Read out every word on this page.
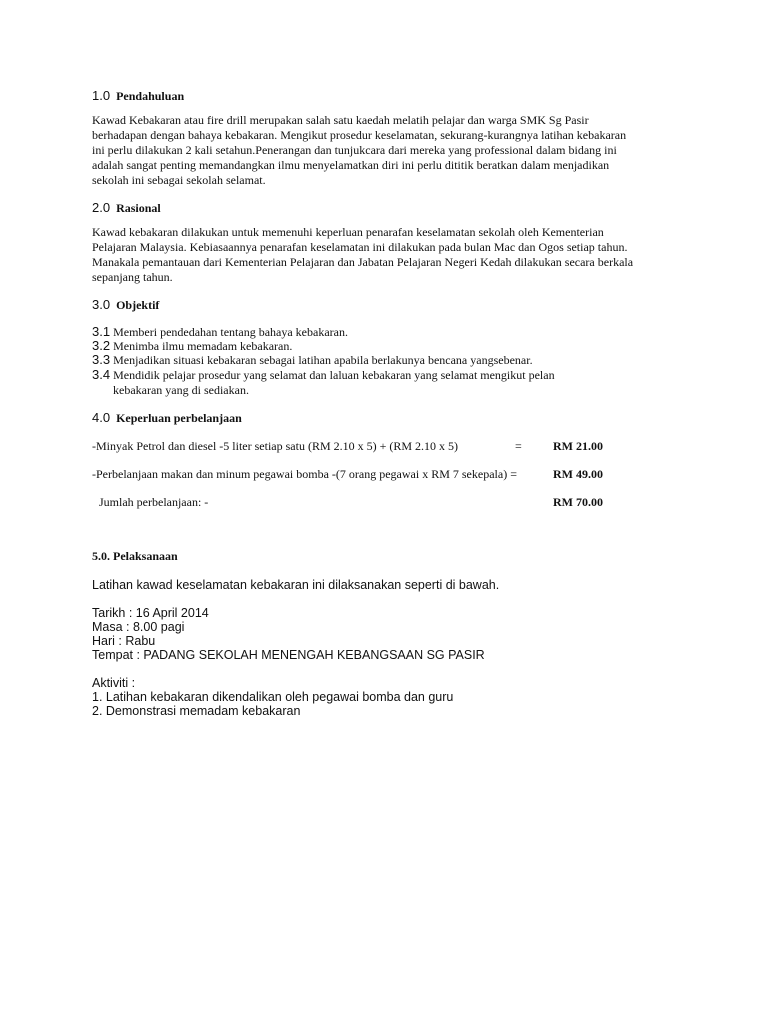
1.0 Pendahuluan
Kawad Kebakaran atau fire drill merupakan salah satu kaedah melatih pelajar dan warga SMK Sg Pasir
berhadapan dengan bahaya kebakaran. Mengikut prosedur keselamatan, sekurang-kurangnya latihan kebakaran
ini perlu dilakukan 2 kali setahun.Penerangan dan tunjukcara dari mereka yang professional dalam bidang ini
adalah sangat penting memandangkan ilmu menyelamatkan diri ini perlu dititik beratkan dalam menjadikan
sekolah ini sebagai sekolah selamat.
2.0 Rasional
Kawad kebakaran dilakukan untuk memenuhi keperluan penarafan keselamatan sekolah oleh Kementerian
Pelajaran Malaysia. Kebiasaannya penarafan keselamatan ini dilakukan pada bulan Mac dan Ogos setiap tahun.
Manakala pemantauan dari Kementerian Pelajaran dan Jabatan Pelajaran Negeri Kedah dilakukan secara berkala
sepanjang tahun.
3.0 Objektif
3.1 Memberi pendedahan tentang bahaya kebakaran.
3.2 Menimba ilmu memadam kebakaran.
3.3 Menjadikan situasi kebakaran sebagai latihan apabila berlakunya bencana yangsebenar.
3.4 Mendidik pelajar prosedur yang selamat dan laluan kebakaran yang selamat mengikut pelan
kebakaran yang di sediakan.
4.0 Keperluan perbelanjaan
-Minyak Petrol dan diesel -5 liter setiap satu (RM 2.10 x 5) + (RM 2.10 x 5)	=	RM 21.00
-Perbelanjaan makan dan minum pegawai bomba -(7 orang pegawai x RM 7 sekepala) =	RM 49.00
Jumlah perbelanjaan: -	RM 70.00
5.0. Pelaksanaan
Latihan kawad keselamatan kebakaran ini dilaksanakan seperti di bawah.
Tarikh : 16 April 2014
Masa : 8.00 pagi
Hari : Rabu
Tempat : PADANG SEKOLAH MENENGAH KEBANGSAAN SG PASIR
Aktiviti :
1. Latihan kebakaran dikendalikan oleh pegawai bomba dan guru
2. Demonstrasi memadam kebakaran
